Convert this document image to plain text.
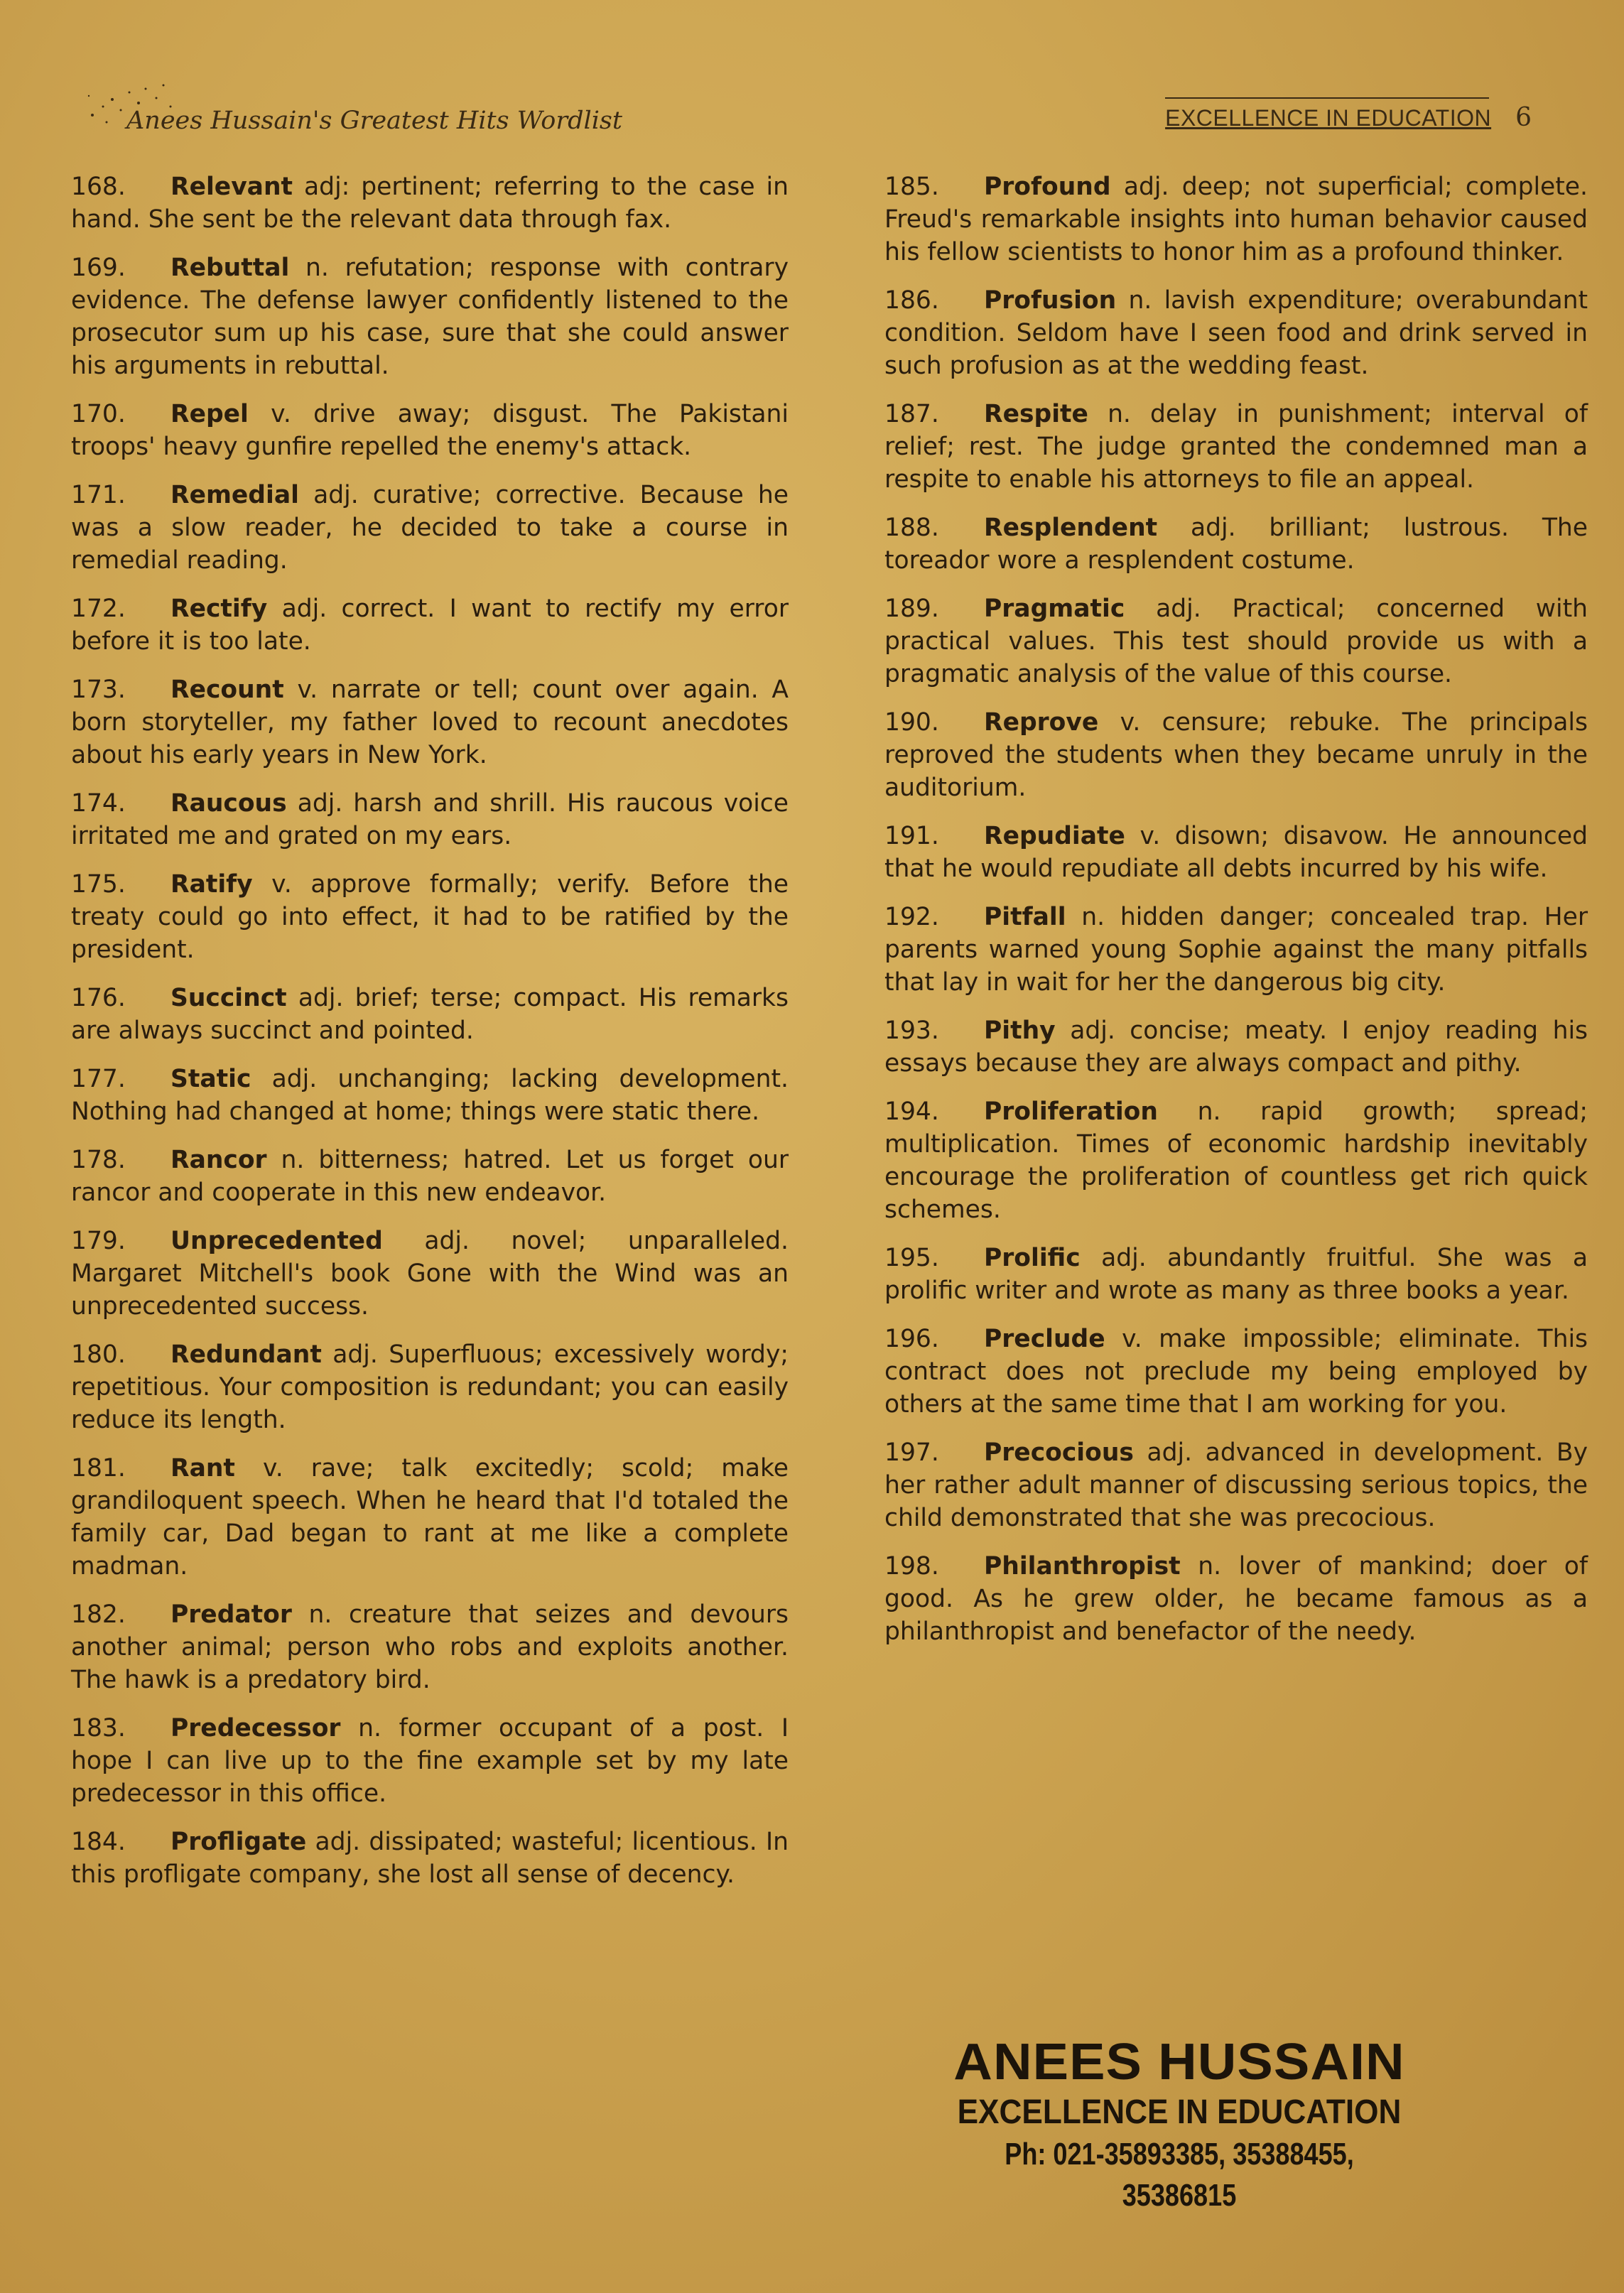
Anees Hussain's Greatest Hits Wordlist	EXCELLENCE IN EDUCATION 6
168. Relevant adj: pertinent; referring to the case in hand. She sent be the relevant data through fax.
169. Rebuttal n. refutation; response with contrary evidence. The defense lawyer confidently listened to the prosecutor sum up his case, sure that she could answer his arguments in rebuttal.
170. Repel v. drive away; disgust. The Pakistani troops' heavy gunfire repelled the enemy's attack.
171. Remedial adj. curative; corrective. Because he was a slow reader, he decided to take a course in remedial reading.
172. Rectify adj. correct. I want to rectify my error before it is too late.
173. Recount v. narrate or tell; count over again. A born storyteller, my father loved to recount anecdotes about his early years in New York.
174. Raucous adj. harsh and shrill. His raucous voice irritated me and grated on my ears.
175. Ratify v. approve formally; verify. Before the treaty could go into effect, it had to be ratified by the president.
176. Succinct adj. brief; terse; compact. His remarks are always succinct and pointed.
177. Static adj. unchanging; lacking development. Nothing had changed at home; things were static there.
178. Rancor n. bitterness; hatred. Let us forget our rancor and cooperate in this new endeavor.
179. Unprecedented adj. novel; unparalleled. Margaret Mitchell's book Gone with the Wind was an unprecedented success.
180. Redundant adj. Superfluous; excessively wordy; repetitious. Your composition is redundant; you can easily reduce its length.
181. Rant v. rave; talk excitedly; scold; make grandiloquent speech. When he heard that I'd totaled the family car, Dad began to rant at me like a complete madman.
182. Predator n. creature that seizes and devours another animal; person who robs and exploits another. The hawk is a predatory bird.
183. Predecessor n. former occupant of a post. I hope I can live up to the fine example set by my late predecessor in this office.
184. Profligate adj. dissipated; wasteful; licentious. In this profligate company, she lost all sense of decency.
185. Profound adj. deep; not superficial; complete. Freud's remarkable insights into human behavior caused his fellow scientists to honor him as a profound thinker.
186. Profusion n. lavish expenditure; overabundant condition. Seldom have I seen food and drink served in such profusion as at the wedding feast.
187. Respite n. delay in punishment; interval of relief; rest. The judge granted the condemned man a respite to enable his attorneys to file an appeal.
188. Resplendent adj. brilliant; lustrous. The toreador wore a resplendent costume.
189. Pragmatic adj. Practical; concerned with practical values. This test should provide us with a pragmatic analysis of the value of this course.
190. Reprove v. censure; rebuke. The principals reproved the students when they became unruly in the auditorium.
191. Repudiate v. disown; disavow. He announced that he would repudiate all debts incurred by his wife.
192. Pitfall n. hidden danger; concealed trap. Her parents warned young Sophie against the many pitfalls that lay in wait for her the dangerous big city.
193. Pithy adj. concise; meaty. I enjoy reading his essays because they are always compact and pithy.
194. Proliferation n. rapid growth; spread; multiplication. Times of economic hardship inevitably encourage the proliferation of countless get rich quick schemes.
195. Prolific adj. abundantly fruitful. She was a prolific writer and wrote as many as three books a year.
196. Preclude v. make impossible; eliminate. This contract does not preclude my being employed by others at the same time that I am working for you.
197. Precocious adj. advanced in development. By her rather adult manner of discussing serious topics, the child demonstrated that she was precocious.
198. Philanthropist n. lover of mankind; doer of good. As he grew older, he became famous as a philanthropist and benefactor of the needy.
ANEES HUSSAIN
EXCELLENCE IN EDUCATION
Ph: 021-35893385, 35388455, 35386815
